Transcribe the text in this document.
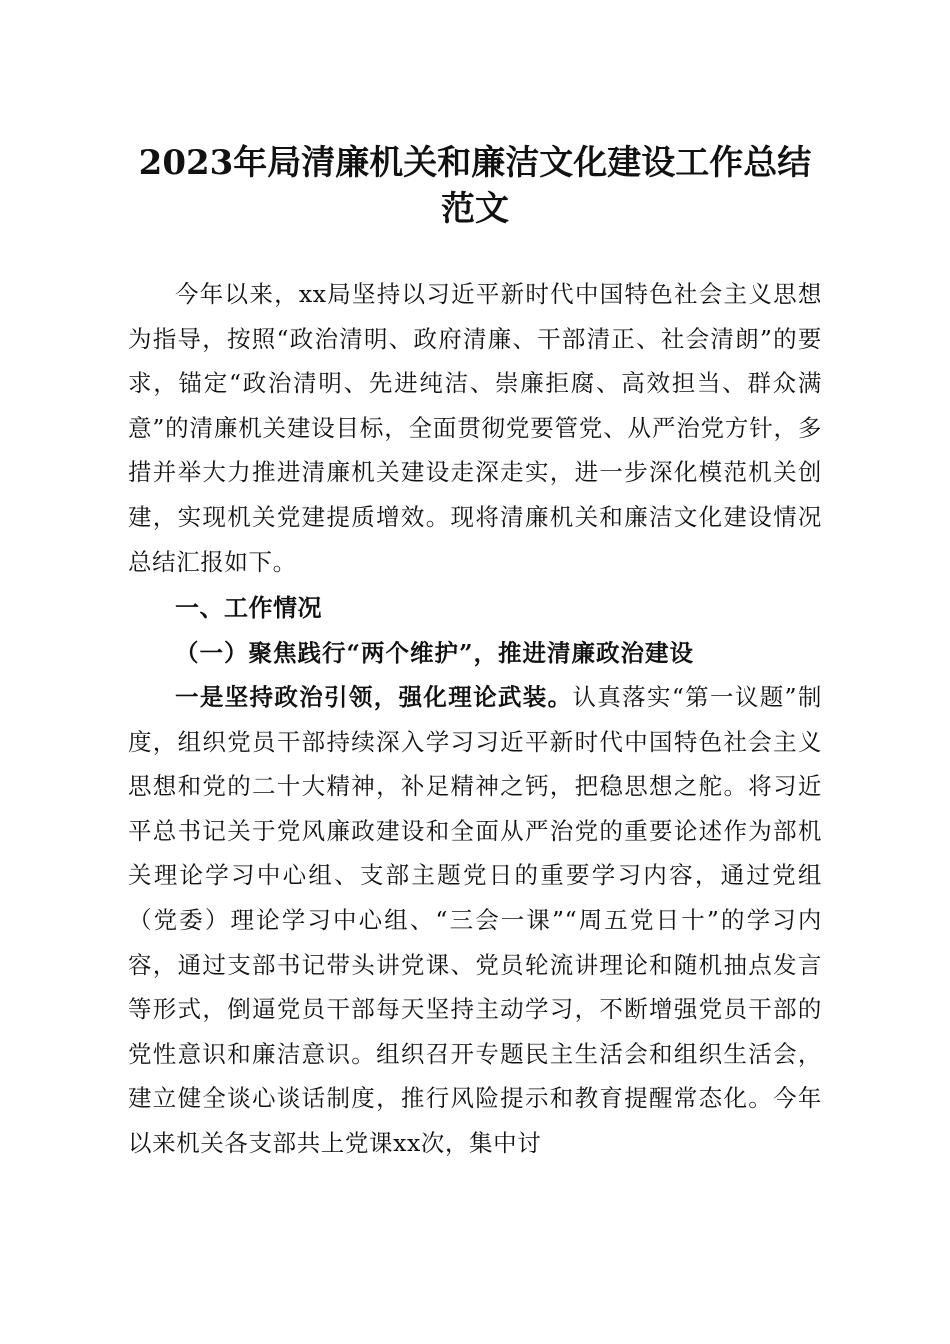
2023年局清廉机关和廉洁文化建设工作总结
范文

今年以来，xx局坚持以习近平新时代中国特色社会主义思想为指导，按照“政治清明、政府清廉、干部清正、社会清朗”的要求，锚定“政治清明、先进纯洁、崇廉拒腐、高效担当、群众满意”的清廉机关建设目标，全面贯彻党要管党、从严治党方针，多措并举大力推进清廉机关建设走深走实，进一步深化模范机关创建，实现机关党建提质增效。现将清廉机关和廉洁文化建设情况总结汇报如下。

一、工作情况
（一）聚焦践行“两个维护”，推进清廉政治建设

一是坚持政治引领，强化理论武装。认真落实“第一议题”制度，组织党员干部持续深入学习习近平新时代中国特色社会主义思想和党的二十大精神，补足精神之钙，把稳思想之舵。将习近平总书记关于党风廉政建设和全面从严治党的重要论述作为部机关理论学习中心组、支部主题党日的重要学习内容，通过党组（党委）理论学习中心组、“三会一课”“周五党日十”的学习内容，通过支部书记带头讲党课、党员轮流讲理论和随机抽点发言等形式，倒逼党员干部每天坚持主动学习，不断增强党员干部的党性意识和廉洁意识。组织召开专题民主生活会和组织生活会，建立健全谈心谈话制度，推行风险提示和教育提醒常态化。今年以来机关各支部共上党课xx次，集中讨
